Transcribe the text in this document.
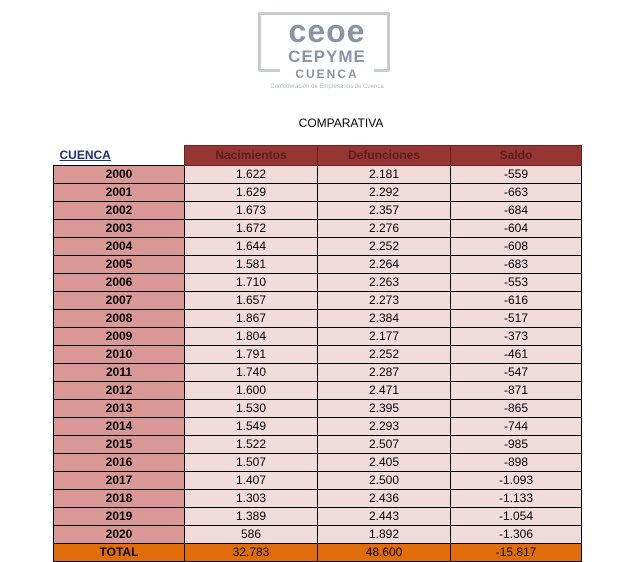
ceoe
CEPYME
CUENCA
Confederación de Empresarios de Cuenca
COMPARATIVA
CUENCA	Nacimientos	Defunciones	Saldo
2000	1.622	2.181	-559
2001	1.629	2.292	-663
2002	1.673	2.357	-684
2003	1.672	2.276	-604
2004	1.644	2.252	-608
2005	1.581	2.264	-683
2006	1.710	2.263	-553
2007	1.657	2.273	-616
2008	1.867	2.384	-517
2009	1.804	2.177	-373
2010	1.791	2.252	-461
2011	1.740	2.287	-547
2012	1.600	2.471	-871
2013	1.530	2.395	-865
2014	1.549	2.293	-744
2015	1.522	2.507	-985
2016	1.507	2.405	-898
2017	1.407	2.500	-1.093
2018	1.303	2.436	-1.133
2019	1.389	2.443	-1.054
2020	586	1.892	-1.306
TOTAL	32.783	48.600	-15.817
